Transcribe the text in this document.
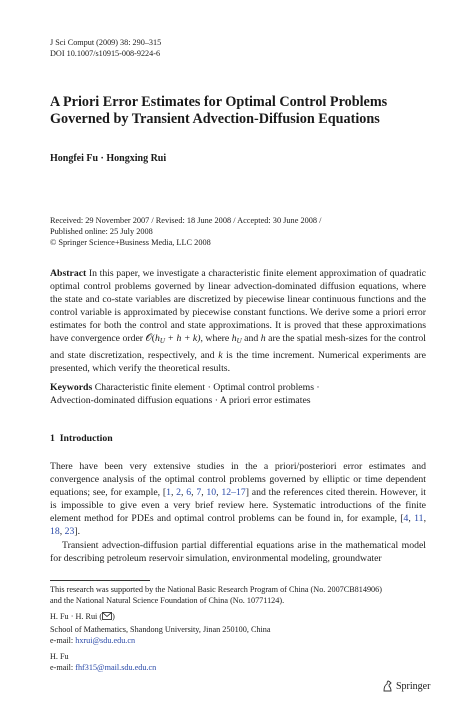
J Sci Comput (2009) 38: 290–315
DOI 10.1007/s10915-008-9224-6
A Priori Error Estimates for Optimal Control Problems
Governed by Transient Advection-Diffusion Equations
Hongfei Fu · Hongxing Rui
Received: 29 November 2007 / Revised: 18 June 2008 / Accepted: 30 June 2008 /
Published online: 25 July 2008
© Springer Science+Business Media, LLC 2008
Abstract In this paper, we investigate a characteristic finite element approximation of quadratic optimal control problems governed by linear advection-dominated diffusion equations, where the state and co-state variables are discretized by piecewise linear continuous functions and the control variable is approximated by piecewise constant functions. We derive some a priori error estimates for both the control and state approximations. It is proved that these approximations have convergence order $𝒪(h_U + h + k)$, where $h_U$ and h are the spatial mesh-sizes for the control and state discretization, respectively, and k is the time increment. Numerical experiments are presented, which verify the theoretical results.
Keywords Characteristic finite element · Optimal control problems ·
Advection-dominated diffusion equations · A priori error estimates
1 Introduction

There have been very extensive studies in the a priori/posteriori error estimates and convergence analysis of the optimal control problems governed by elliptic or time dependent equations; see, for example, [1, 2, 6, 7, 10, 12–17] and the references cited therein. However, it is impossible to give even a very brief review here. Systematic introductions of the finite element method for PDEs and optimal control problems can be found in, for example, [4, 11, 18, 23].

Transient advection-diffusion partial differential equations arise in the mathematical model for describing petroleum reservoir simulation, environmental modeling, groundwater

This research was supported by the National Basic Research Program of China (No. 2007CB814906)
and the National Natural Science Foundation of China (No. 10771124).
H. Fu · H. Rui ( )
School of Mathematics, Shandong University, Jinan 250100, China
e-mail: hxrui@sdu.edu.cn
H. Fu
e-mail: fhf315@mail.sdu.edu.cn
Springer
